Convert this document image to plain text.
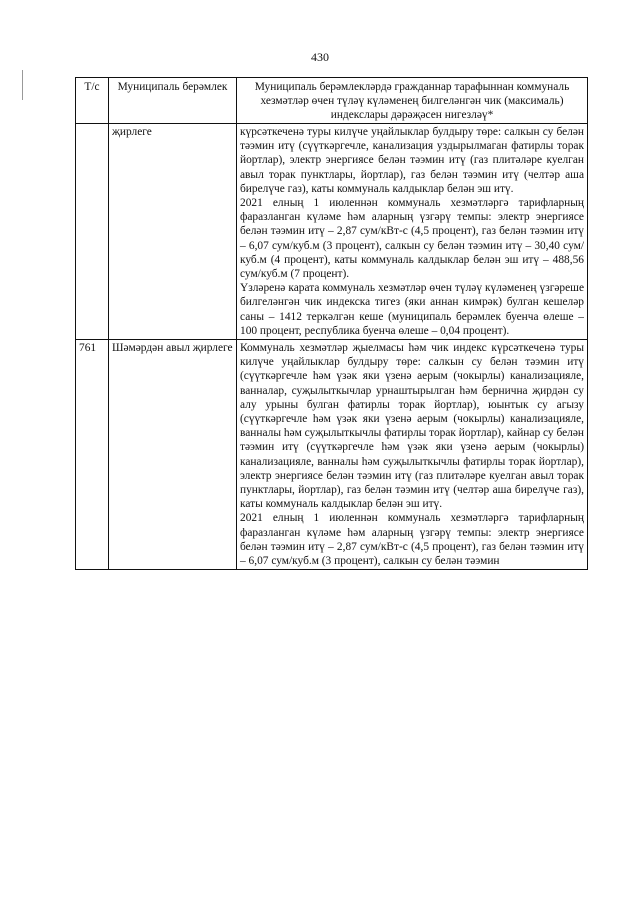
430
Т/с	Муниципаль берәмлек	Муниципаль берәмлекләрдә гражданнар тарафыннан коммуналь хезмәтләр өчен түләү күләменең билгеләнгән чик (максималь) индекслары дәрәҗәсен нигезләү*
	җирлеге	күрсәткеченә туры килүче уңайлыклар булдыру төре: салкын су белән тәэмин итү (сүүткәргечле, канализация уздырылмаган фатирлы торак йортлар), электр энергиясе белән тәэмин итү (газ плитәләре куелган авыл торак пунктлары, йортлар), газ белән тәэмин итү (челтәр аша бирелүче газ), каты коммуналь калдыклар белән эш итү.

2021 елның 1 июленнән коммуналь хезмәтләргә тарифларның фаразланган күләме һәм аларның үзгәрү темпы: электр энергиясе белән тәэмин итү – 2,87 сум/кВт-с (4,5 процент), газ белән тәэмин итү – 6,07 сум/куб.м (3 процент), салкын су белән тәэмин итү – 30,40 сум/куб.м (4 процент), каты коммуналь калдыклар белән эш итү – 488,56 сум/куб.м (7 процент).

Үзләренә карата коммуналь хезмәтләр өчен түләү күләменең үзгәреше билгеләнгән чик индекска тигез (яки аннан кимрәк) булган кешеләр саны – 1412 теркәлгән кеше (муниципаль берәмлек буенча өлеше – 100 процент, республика буенча өлеше – 0,04 процент).

761	Шәмәрдән авыл җирлеге	Коммуналь хезмәтләр җыелмасы һәм чик индекс күрсәткеченә туры килүче уңайлыклар булдыру төре: салкын су белән тәэмин итү (сүүткәргечле һәм үзәк яки үзенә аерым (чокырлы) канализацияле, ванналар, суҗылыткычлар урнаштырылган һәм бернична җирдән су алу урыны булган фатирлы торак йортлар), юынтык су агызу (сүүткәргечле һәм үзәк яки үзенә аерым (чокырлы) канализацияле, ванналы һәм суҗылыткычлы фатирлы торак йортлар), кайнар су белән тәэмин итү (сүүткәргечле һәм үзәк яки үзенә аерым (чокырлы) канализацияле, ванналы һәм суҗылыткычлы фатирлы торак йортлар), электр энергиясе белән тәэмин итү (газ плитәләре куелган авыл торак пунктлары, йортлар), газ белән тәэмин итү (челтәр аша бирелүче газ), каты коммуналь калдыклар белән эш итү.

2021 елның 1 июленнән коммуналь хезмәтләргә тарифларның фаразланган күләме һәм аларның үзгәрү темпы: электр энергиясе белән тәэмин итү – 2,87 сум/кВт-с (4,5 процент), газ белән тәэмин итү – 6,07 сум/куб.м (3 процент), салкын су белән тәэмин
